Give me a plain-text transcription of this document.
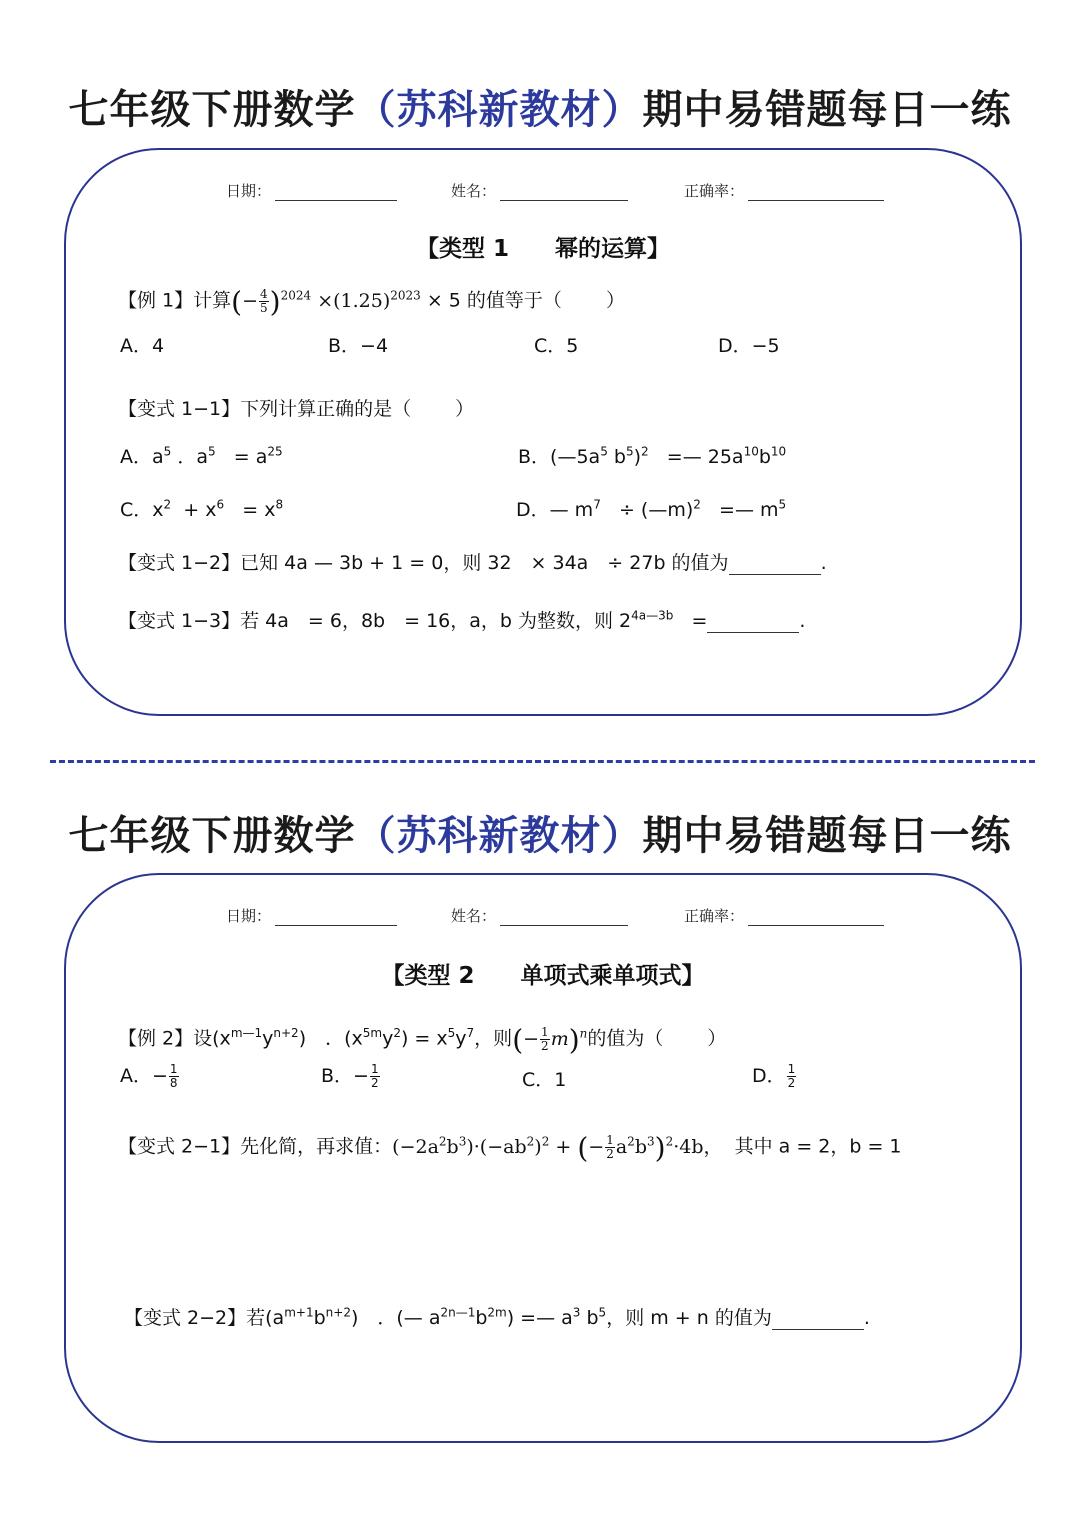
七年级下册数学（苏科新教材）期中易错题每日一练
日期：	姓名：	正确率：
【类型 1　　幂的运算】
【例 1】计算(− $\frac{4}{5} )^{2024} \times(1.25)^{2023} \times 5$ 的值等于（ ）
A．4	B．−4	C．5	D．−5
【变式 1−1】下列计算正确的是（ ）
A．$a^5$ ．$a^5 = a^{25}$	B．($—5a^5$ $b^5)^2$ =— $25a^{10}b^{10}$
C．$x^2 + x^6 = x^8$	D．— $m^7$ ÷ (—m)$^2$ =— $m^5$
【变式 1−2】已知 4a — 3b + 1 = 0，则 32　× 34a　÷ 27b 的值为	.
【变式 1−3】若 4a　= 6，8b　= 16，a，b 为整数，则 $2^{4a—3b}$ =	.
七年级下册数学（苏科新教材）期中易错题每日一练
日期：	姓名：	正确率：
【类型 2　　单项式乘单项式】
【例 2】设$(x^{m—1}y^{n+2})$　．$(x^{5m}y^2) = x^5y^7$，则(− $\frac{1}{2} m)^n$的值为（ ）
A．− $\frac{1}{8}$	B．− $\frac{1}{2}$	C．1	D． $\frac{1}{2}$
【变式 2−1】先化简，再求值：$(-2a^2b^3)\cdot(-ab^2)^2$ + (− $\frac{1}{2} a^2b^3)^2\cdot 4b$， 其中 a = 2，b = 1
【变式 2−2】若$(a^{m+1}b^{n+2})$　．(— $a^{2n—1}b^{2m}$) =— $a^3$ $b^5$，则 m + n 的值为	.
